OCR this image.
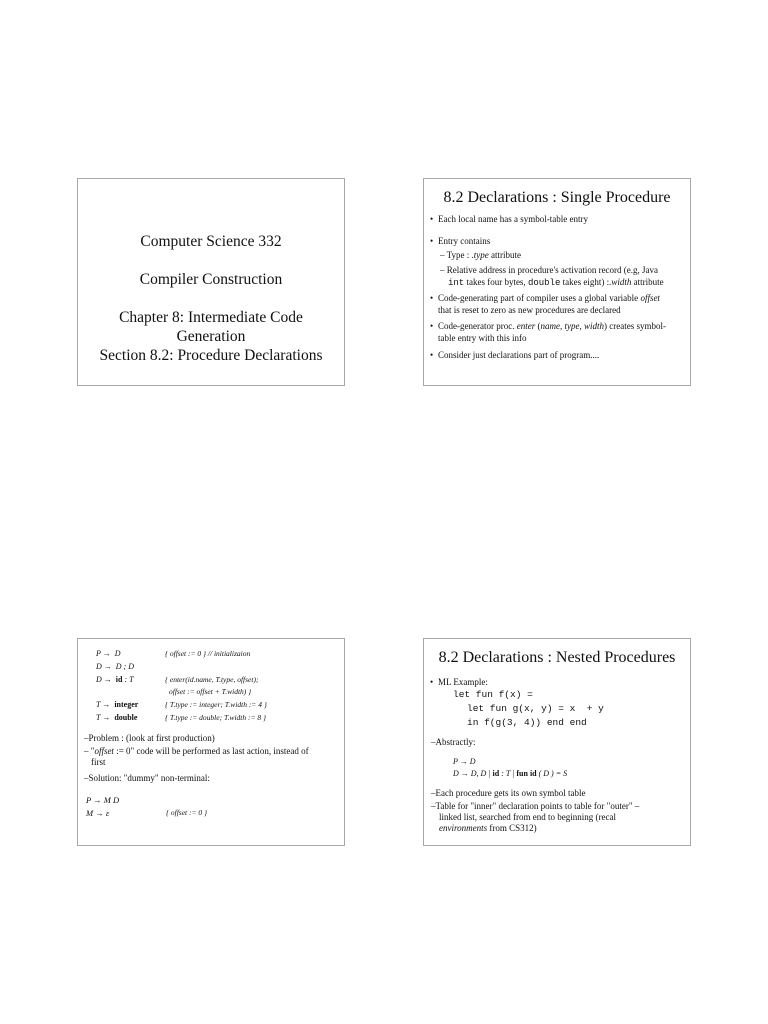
Computer Science 332
Compiler Construction
Chapter 8: Intermediate Code
Generation
Section 8.2: Procedure Declarations
8.2 Declarations : Single Procedure
• Each local name has a symbol-table entry
• Entry contains
– Type : .type attribute
– Relative address in procedure's activation record (e.g, Java
int takes four bytes, double takes eight) :.width attribute
• Code-generating part of compiler uses a global variable offset
that is reset to zero as new procedures are declared
• Code-generator proc. enter (name, type, width) creates symbol-
table entry with this info
• Consider just declarations part of program....
P → D	{ offset := 0 } // initializaion
D → D ; D
D → id : T	{ enter(id.name, T.type, offset);
offset := offset + T.width) }
T → integer	{ T.type := integer; T.width := 4 }
T → double	{ T.type := double; T.width := 8 }
–Problem : (look at first production)
– "offset := 0" code will be performed as last action, instead of
first
–Solution: "dummy" non-terminal:
P → M D
M → ε	{ offset := 0 }
8.2 Declarations : Nested Procedures
• ML Example:
let fun f(x) =
let fun g(x, y) = x  + y
in f(g(3, 4)) end end
–Abstractly:
P → D
D → D, D | id : T | fun id ( D ) = S
–Each procedure gets its own symbol table
–Table for "inner" declaration points to table for "outer" –
linked list, searched from end to beginning (recal
environments from CS312)
